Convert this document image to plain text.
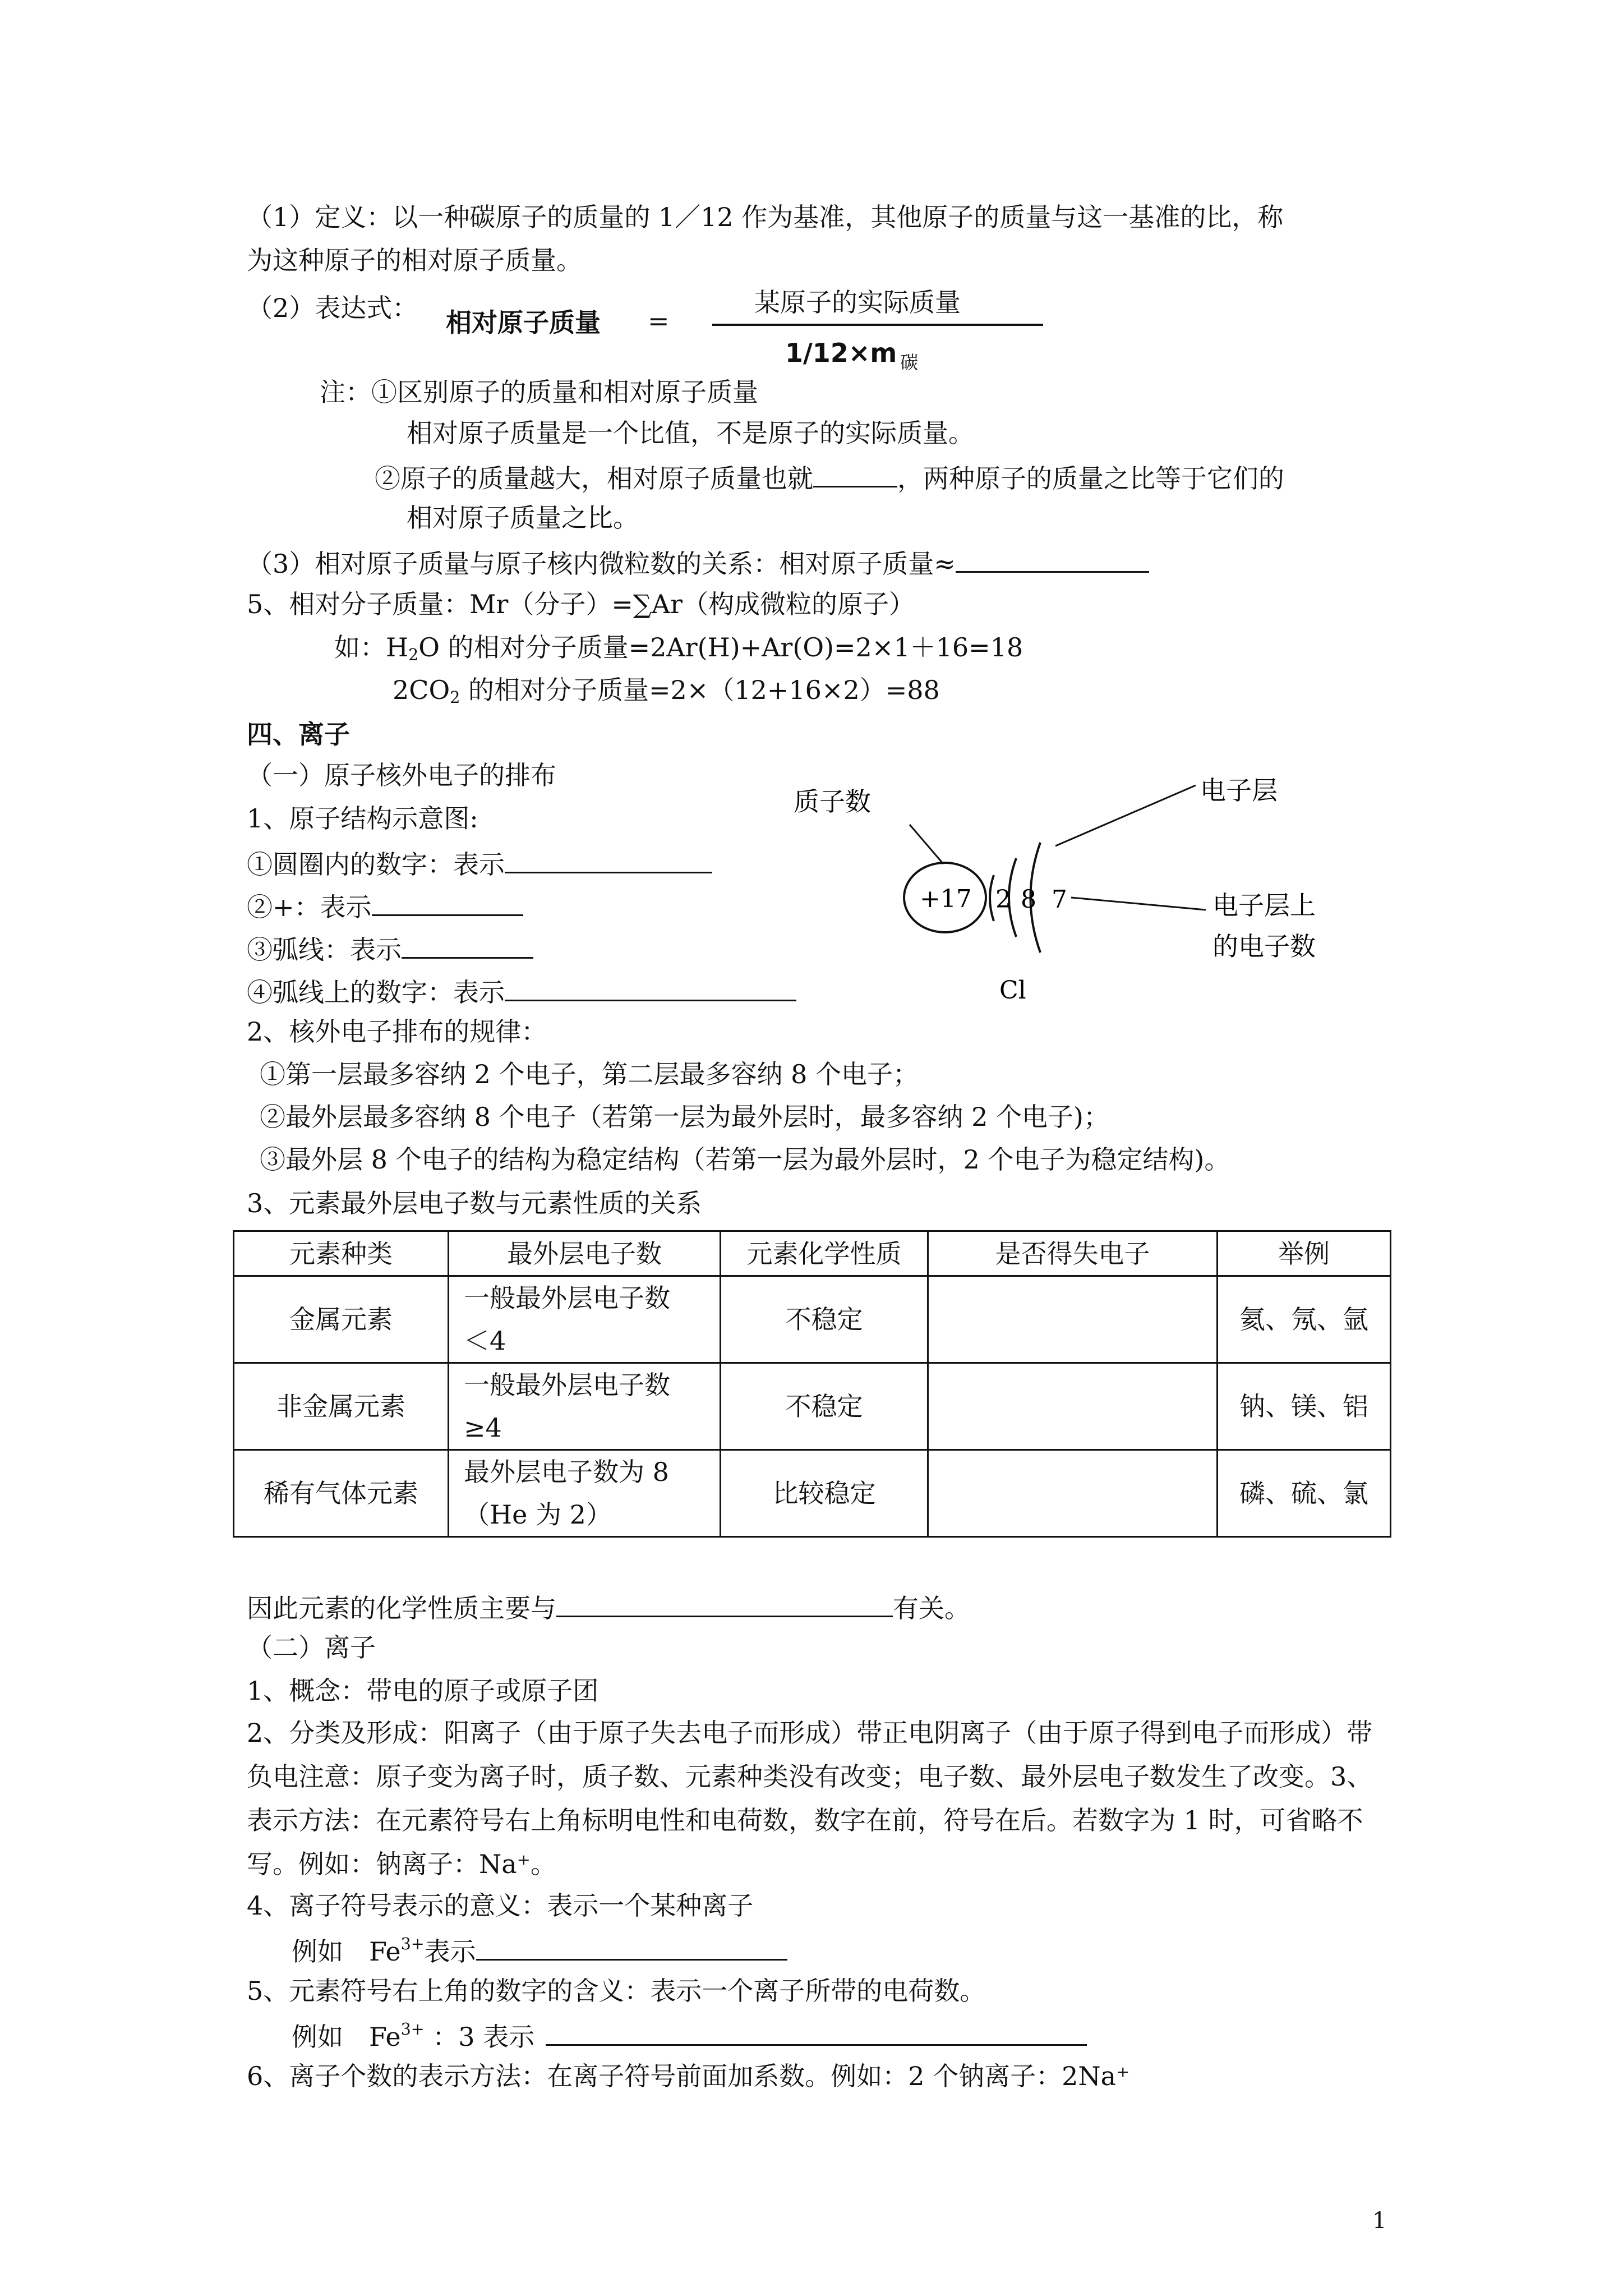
（1）定义：以一种碳原子的质量的 1／12 作为基准，其他原子的质量与这一基准的比，称
为这种原子的相对原子质量。
（2）表达式： 相对原子质量 =
某原子的实际质量
1/12×m $_碳$
注：①区别原子的质量和相对原子质量
相对原子质量是一个比值，不是原子的实际质量。
②原子的质量越大，相对原子质量也就	，两种原子的质量之比等于它们的
相对原子质量之比。
（3）相对原子质量与原子核内微粒数的关系：相对原子质量≈
5、相对分子质量：Mr（分子）=∑Ar（构成微粒的原子）
如：$H_2O$ 的相对分子质量=2Ar(H)+Ar(O)=2×1＋16=18
$2CO_2$ 的相对分子质量=2×（12+16×2）=88
四、离子
（一）原子核外电子的排布
1、原子结构示意图:
①圆圈内的数字：表示
②+：表示
③弧线：表示
④弧线上的数字：表示
质子数	电子层
电子层上
的电子数
+17 2 8 7
Cl
2、核外电子排布的规律：
①第一层最多容纳 2 个电子，第二层最多容纳 8 个电子；
②最外层最多容纳 8 个电子（若第一层为最外层时，最多容纳 2 个电子)；
③最外层 8 个电子的结构为稳定结构（若第一层为最外层时，2 个电子为稳定结构)。
3、元素最外层电子数与元素性质的关系
元素种类	最外层电子数	元素化学性质	是否得失电子	举例
金属元素	一般最外层电子数
＜4	不稳定		氦、氖、氩
非金属元素	一般最外层电子数
≥4	不稳定		钠、镁、铝
稀有气体元素	最外层电子数为 8
（He 为 2）	比较稳定		磷、硫、氯
因此元素的化学性质主要与	有关。
（二）离子
1、概念：带电的原子或原子团
2、分类及形成：阳离子（由于原子失去电子而形成）带正电阴离子（由于原子得到电子而形成）带负电注意：原子变为离子时，质子数、元素种类没有改变；电子数、最外层电子数发生了改变。3、表示方法：在元素符号右上角标明电性和电荷数，数字在前，符号在后。若数字为 1 时，可省略不写。例如：钠离子：Na⁺。
4、离子符号表示的意义：表示一个某种离子
例如　$Fe^{3+}$表示
5、元素符号右上角的数字的含义：表示一个离子所带的电荷数。
例如　$Fe^{3+}$ ：3 表示
6、离子个数的表示方法：在离子符号前面加系数。例如：2 个钠离子：2Na⁺
1
